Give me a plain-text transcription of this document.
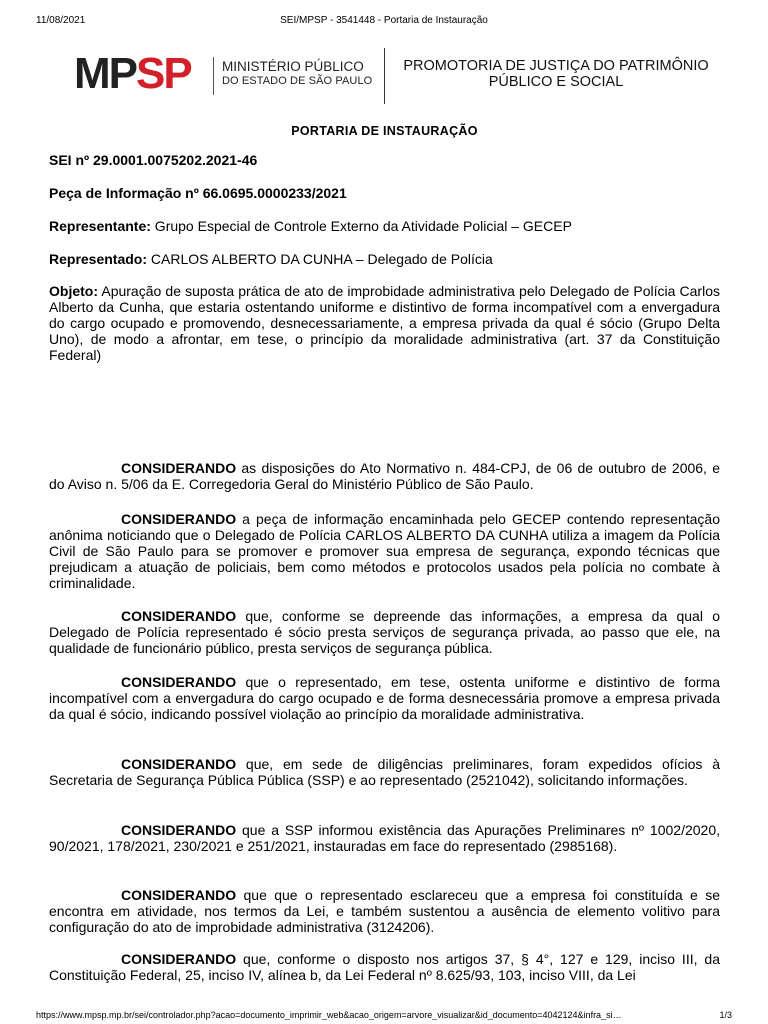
11/08/2021	SEI/MPSP - 3541448 - Portaria de Instauração
MPSP MINISTÉRIO PÚBLICO
DO ESTADO DE SÃO PAULO
PROMOTORIA DE JUSTIÇA DO PATRIMÔNIO PÚBLICO E SOCIAL
PORTARIA DE INSTAURAÇÃO
SEI nº 29.0001.0075202.2021-46
Peça de Informação nº 66.0695.0000233/2021
Representante: Grupo Especial de Controle Externo da Atividade Policial – GECEP
Representado: CARLOS ALBERTO DA CUNHA – Delegado de Polícia

Objeto: Apuração de suposta prática de ato de improbidade administrativa pelo Delegado de Polícia Carlos Alberto da Cunha, que estaria ostentando uniforme e distintivo de forma incompatível com a envergadura do cargo ocupado e promovendo, desnecessariamente, a empresa privada da qual é sócio (Grupo Delta Uno), de modo a afrontar, em tese, o princípio da moralidade administrativa (art. 37 da Constituição Federal)

CONSIDERANDO as disposições do Ato Normativo n. 484-CPJ, de 06 de outubro de 2006, e do Aviso n. 5/06 da E. Corregedoria Geral do Ministério Público de São Paulo.

CONSIDERANDO a peça de informação encaminhada pelo GECEP contendo representação anônima noticiando que o Delegado de Polícia CARLOS ALBERTO DA CUNHA utiliza a imagem da Polícia Civil de São Paulo para se promover e promover sua empresa de segurança, expondo técnicas que prejudicam a atuação de policiais, bem como métodos e protocolos usados pela polícia no combate à criminalidade.

CONSIDERANDO que, conforme se depreende das informações, a empresa da qual o Delegado de Polícia representado é sócio presta serviços de segurança privada, ao passo que ele, na qualidade de funcionário público, presta serviços de segurança pública.

CONSIDERANDO que o representado, em tese, ostenta uniforme e distintivo de forma incompatível com a envergadura do cargo ocupado e de forma desnecessária promove a empresa privada da qual é sócio, indicando possível violação ao princípio da moralidade administrativa.

CONSIDERANDO que, em sede de diligências preliminares, foram expedidos ofícios à Secretaria de Segurança Pública Pública (SSP) e ao representado (2521042), solicitando informações.

CONSIDERANDO que a SSP informou existência das Apurações Preliminares nº 1002/2020, 90/2021, 178/2021, 230/2021 e 251/2021, instauradas em face do representado (2985168).

CONSIDERANDO que que o representado esclareceu que a empresa foi constituída e se encontra em atividade, nos termos da Lei, e também sustentou a ausência de elemento volitivo para configuração do ato de improbidade administrativa (3124206).

CONSIDERANDO que, conforme o disposto nos artigos 37, § 4°, 127 e 129, inciso III, da Constituição Federal, 25, inciso IV, alínea b, da Lei Federal nº 8.625/93, 103, inciso VIII, da Lei

https://www.mpsp.mp.br/sei/controlador.php?acao=documento_imprimir_web&acao_origem=arvore_visualizar&id_documento=4042124&infra_si…	1/3
